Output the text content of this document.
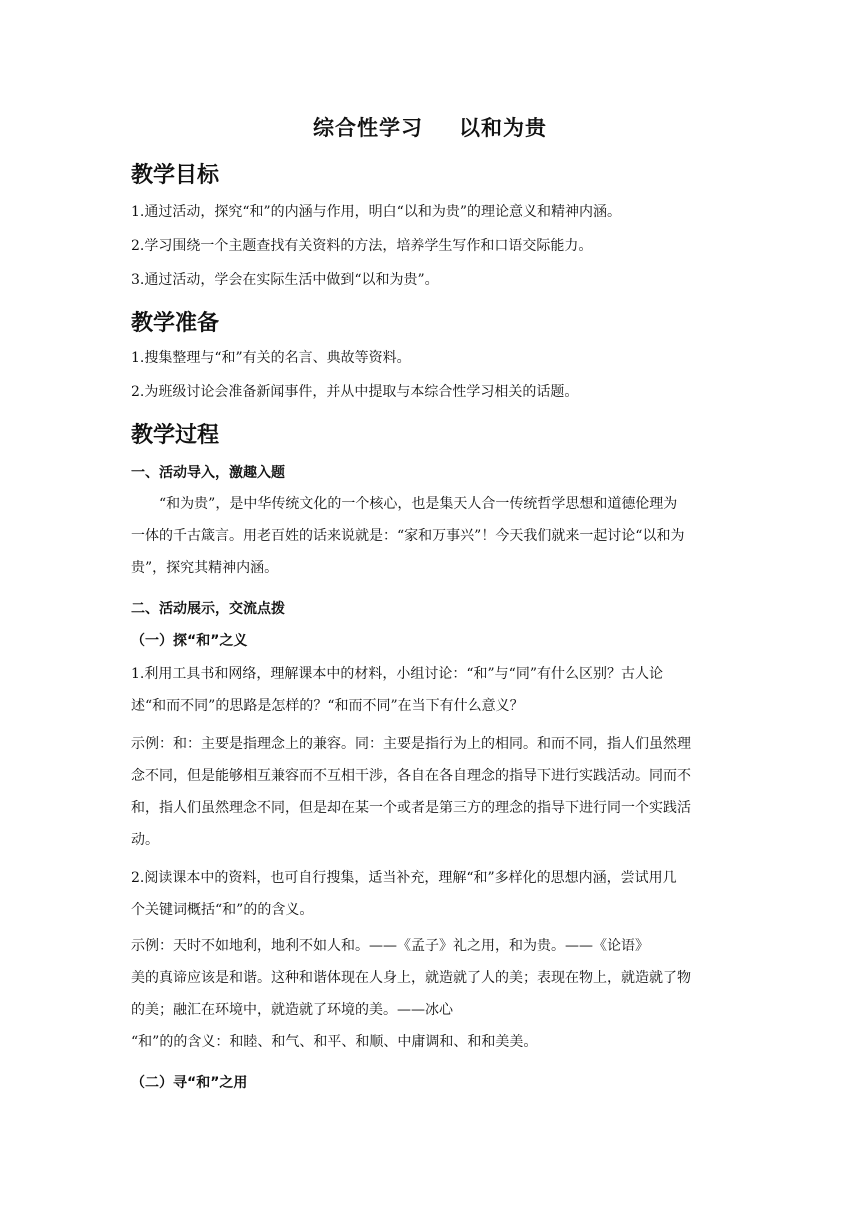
综合性学习 以和为贵
教学目标
1.通过活动，探究“和”的内涵与作用，明白“以和为贵”的理论意义和精神内涵。
2.学习围绕一个主题查找有关资料的方法，培养学生写作和口语交际能力。
3.通过活动，学会在实际生活中做到“以和为贵”。
教学准备
1.搜集整理与“和”有关的名言、典故等资料。
2.为班级讨论会准备新闻事件，并从中提取与本综合性学习相关的话题。
教学过程
一、活动导入，激趣入题
“和为贵”，是中华传统文化的一个核心，也是集天人合一传统哲学思想和道德伦理为
一体的千古箴言。用老百姓的话来说就是：“家和万事兴”！今天我们就来一起讨论“以和为
贵”，探究其精神内涵。
二、活动展示，交流点拨
（一）探“和”之义
1.利用工具书和网络，理解课本中的材料，小组讨论：“和”与“同”有什么区别？古人论
述“和而不同”的思路是怎样的？“和而不同”在当下有什么意义？
示例：和：主要是指理念上的兼容。同：主要是指行为上的相同。和而不同，指人们虽然理
念不同，但是能够相互兼容而不互相干涉，各自在各自理念的指导下进行实践活动。同而不
和，指人们虽然理念不同，但是却在某一个或者是第三方的理念的指导下进行同一个实践活
动。
2.阅读课本中的资料，也可自行搜集，适当补充，理解“和”多样化的思想内涵，尝试用几
个关键词概括“和”的的含义。
示例：天时不如地利，地利不如人和。——《孟子》礼之用，和为贵。——《论语》
美的真谛应该是和谐。这种和谐体现在人身上，就造就了人的美；表现在物上，就造就了物
的美；融汇在环境中，就造就了环境的美。——冰心
“和”的的含义：和睦、和气、和平、和顺、中庸调和、和和美美。
（二）寻“和”之用
